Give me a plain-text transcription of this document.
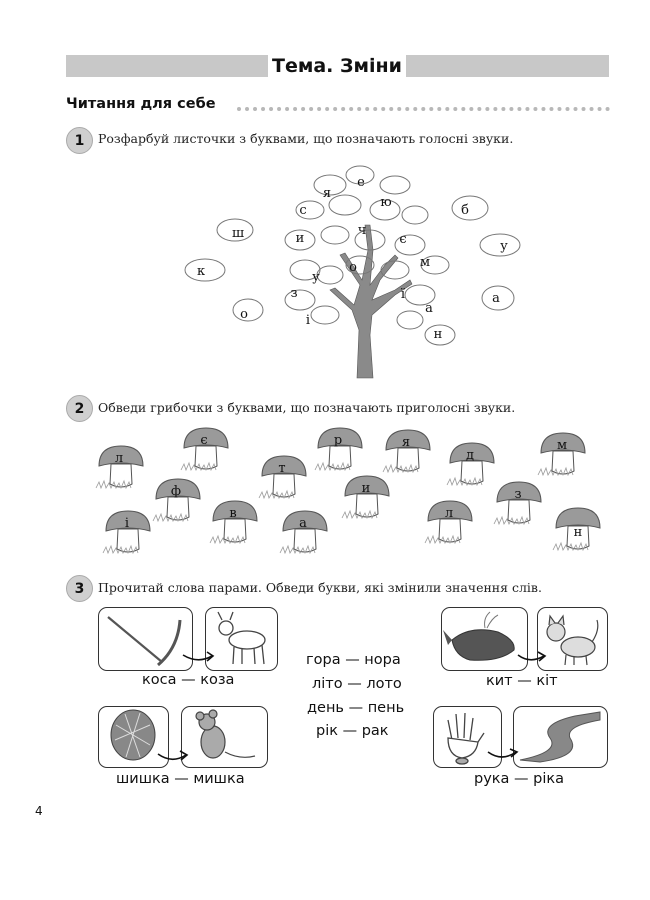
Тема. Зміни
Читання для себе
1	Розфарбуй листочки з буквами, що позначають голосні звуки.
я
е
б
с
ю
ш	и
ч
є	у
к
м
о
у
з	ї	а
о	і
а
н
2	Обведи грибочки з буквами, що позначають приголосні звуки.
л
є
т
р	я
д
м
ф	и	з
і
в
а
л
н
3	Прочитай слова парами. Обведи букви, які змінили значення слів.
коса — коза	кит — кіт
шишка — мишка	рука — ріка
гора — нора
літо — лото
день — пень
рік — рак
4
